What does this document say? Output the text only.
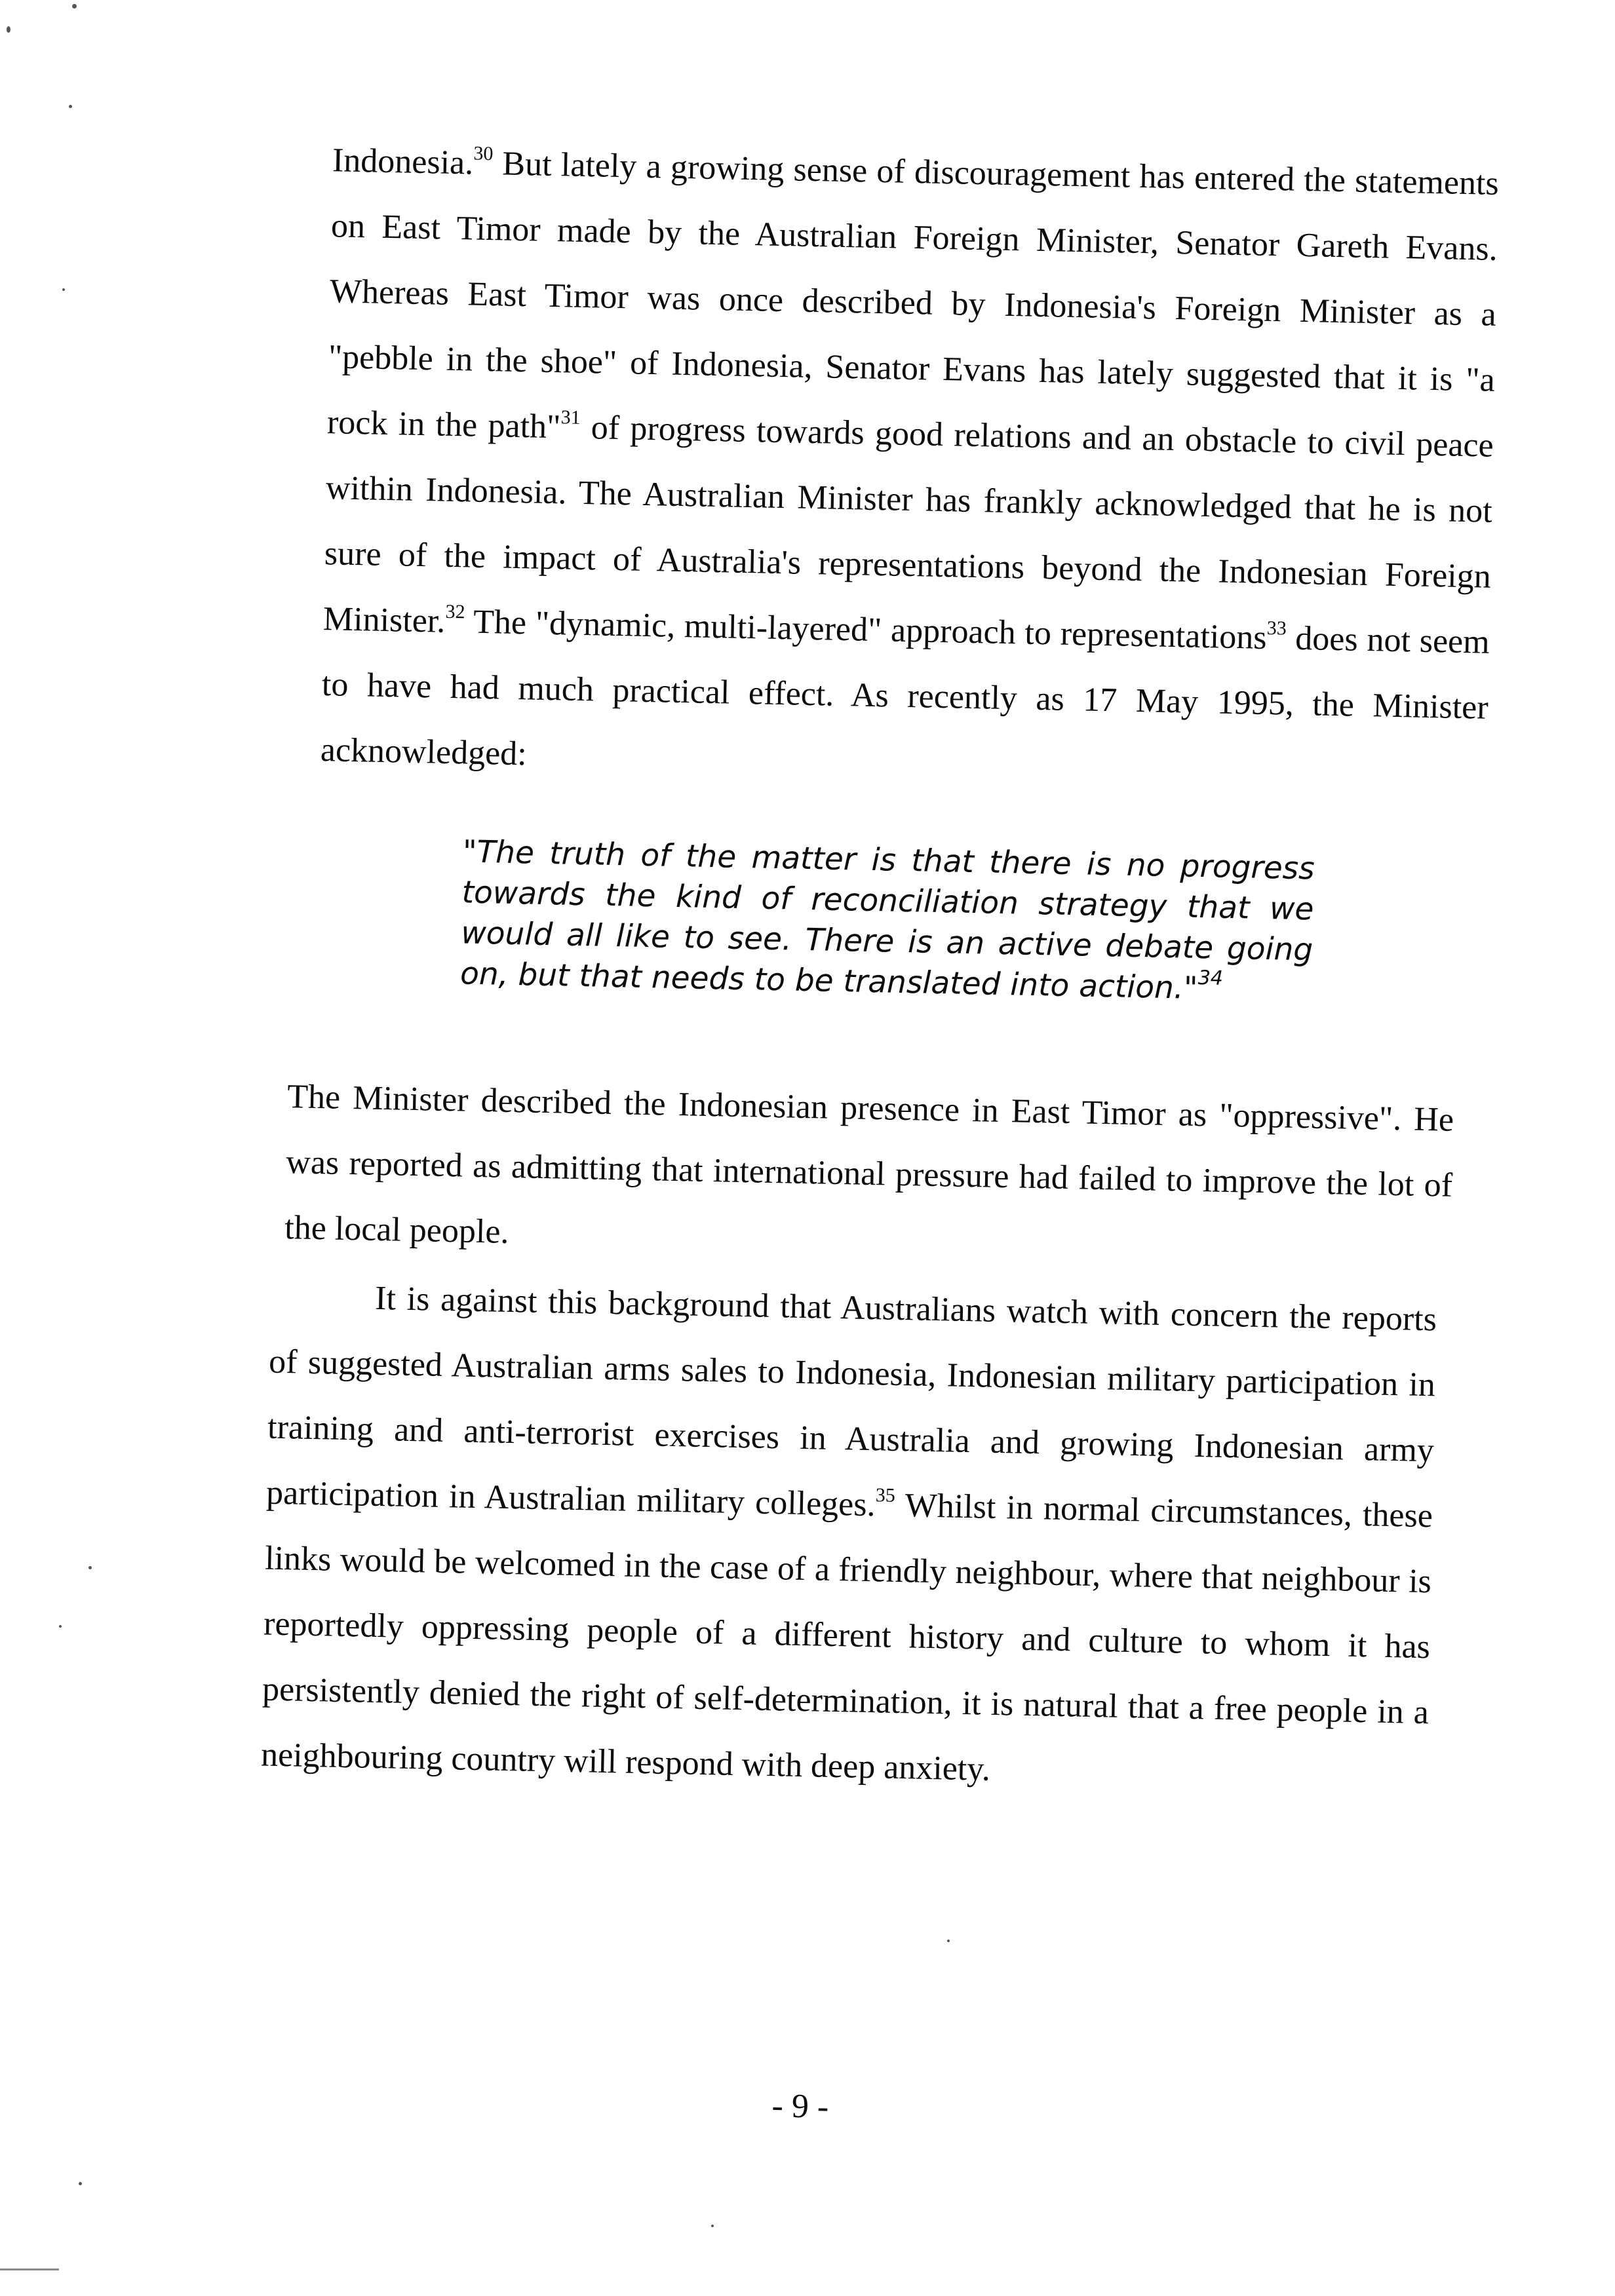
Indonesia.$^{30}$ But lately a growing sense of discouragement has entered the statements on East Timor made by the Australian Foreign Minister, Senator Gareth Evans. Whereas East Timor was once described by Indonesia's Foreign Minister as a "pebble in the shoe" of Indonesia, Senator Evans has lately suggested that it is "a rock in the path"$^{31}$ of progress towards good relations and an obstacle to civil peace within Indonesia. The Australian Minister has frankly acknowledged that he is not sure of the impact of Australia's representations beyond the Indonesian Foreign Minister.$^{32}$ The "dynamic, multi-layered" approach to representations$^{33}$ does not seem to have had much practical effect. As recently as 17 May 1995, the Minister acknowledged:

"The truth of the matter is that there is no progress towards the kind of reconciliation strategy that we would all like to see. There is an active debate going on, but that needs to be translated into action."$^{34}$

The Minister described the Indonesian presence in East Timor as "oppressive". He was reported as admitting that international pressure had failed to improve the lot of the local people.

It is against this background that Australians watch with concern the reports of suggested Australian arms sales to Indonesia, Indonesian military participation in training and anti-terrorist exercises in Australia and growing Indonesian army participation in Australian military colleges.$^{35}$ Whilst in normal circumstances, these links would be welcomed in the case of a friendly neighbour, where that neighbour is reportedly oppressing people of a different history and culture to whom it has persistently denied the right of self-determination, it is natural that a free people in a neighbouring country will respond with deep anxiety.

- 9 -
